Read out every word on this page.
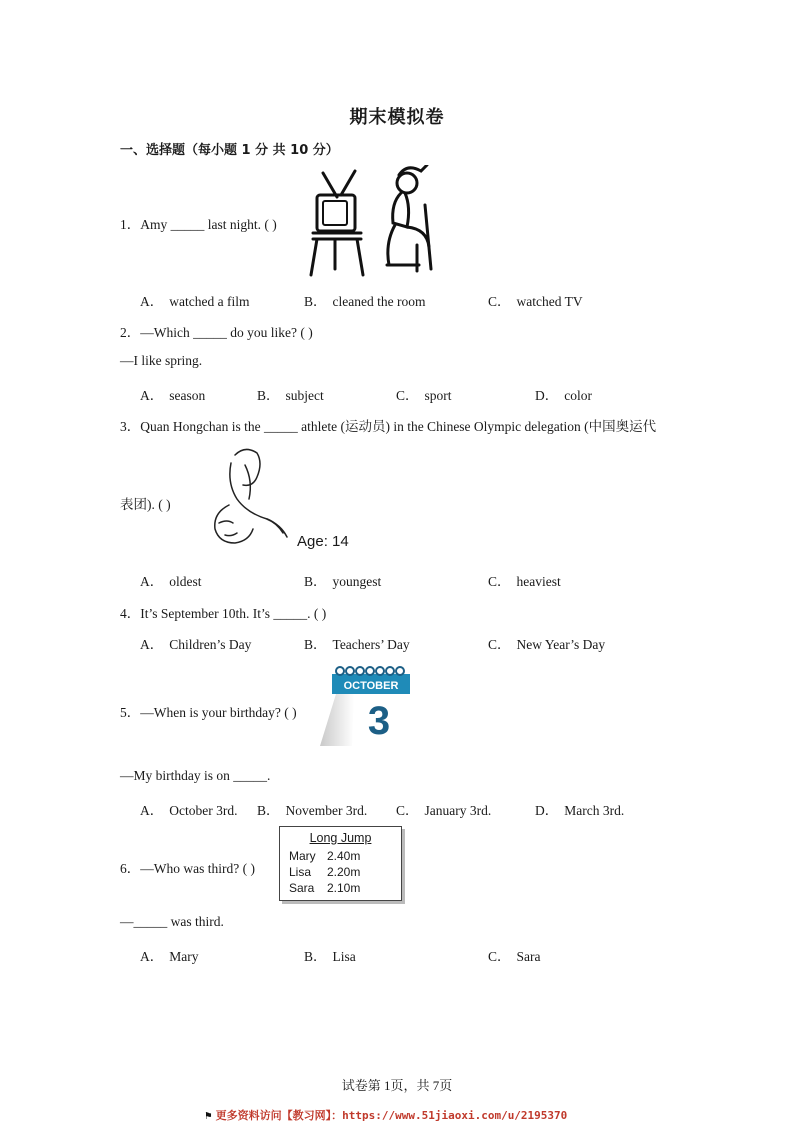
期末模拟卷
一、选择题（每小题 1 分 共 10 分）
1．Amy _____ last night. ( )
A． watched a film	B． cleaned the room	C． watched TV
2．—Which _____ do you like? ( )
—I like spring.
A． season	B． subject	C． sport	D． color
3．Quan Hongchan is the _____ athlete (运动员) in the Chinese Olympic delegation (中国奥运代
表团). ( )
Age: 14
A． oldest	B． youngest	C． heaviest
4．It’s September 10th. It’s _____. ( )
A． Children’s Day	B． Teachers’ Day	C． New Year’s Day
5．—When is your birthday? ( )
OCTOBER
3
—My birthday is on _____.
A． October 3rd. B． November 3rd. C． January 3rd.	D． March 3rd.
6．—Who was third? ( )
Long Jump
Mary 2.40m
Lisa 2.20m
Sara 2.10m
—_____ was third.
A． Mary	B． Lisa	C． Sara
试卷第 1页，共 7页
⚑ 更多资料访问【教习网】：https://www.51jiaoxi.com/u/2195370
